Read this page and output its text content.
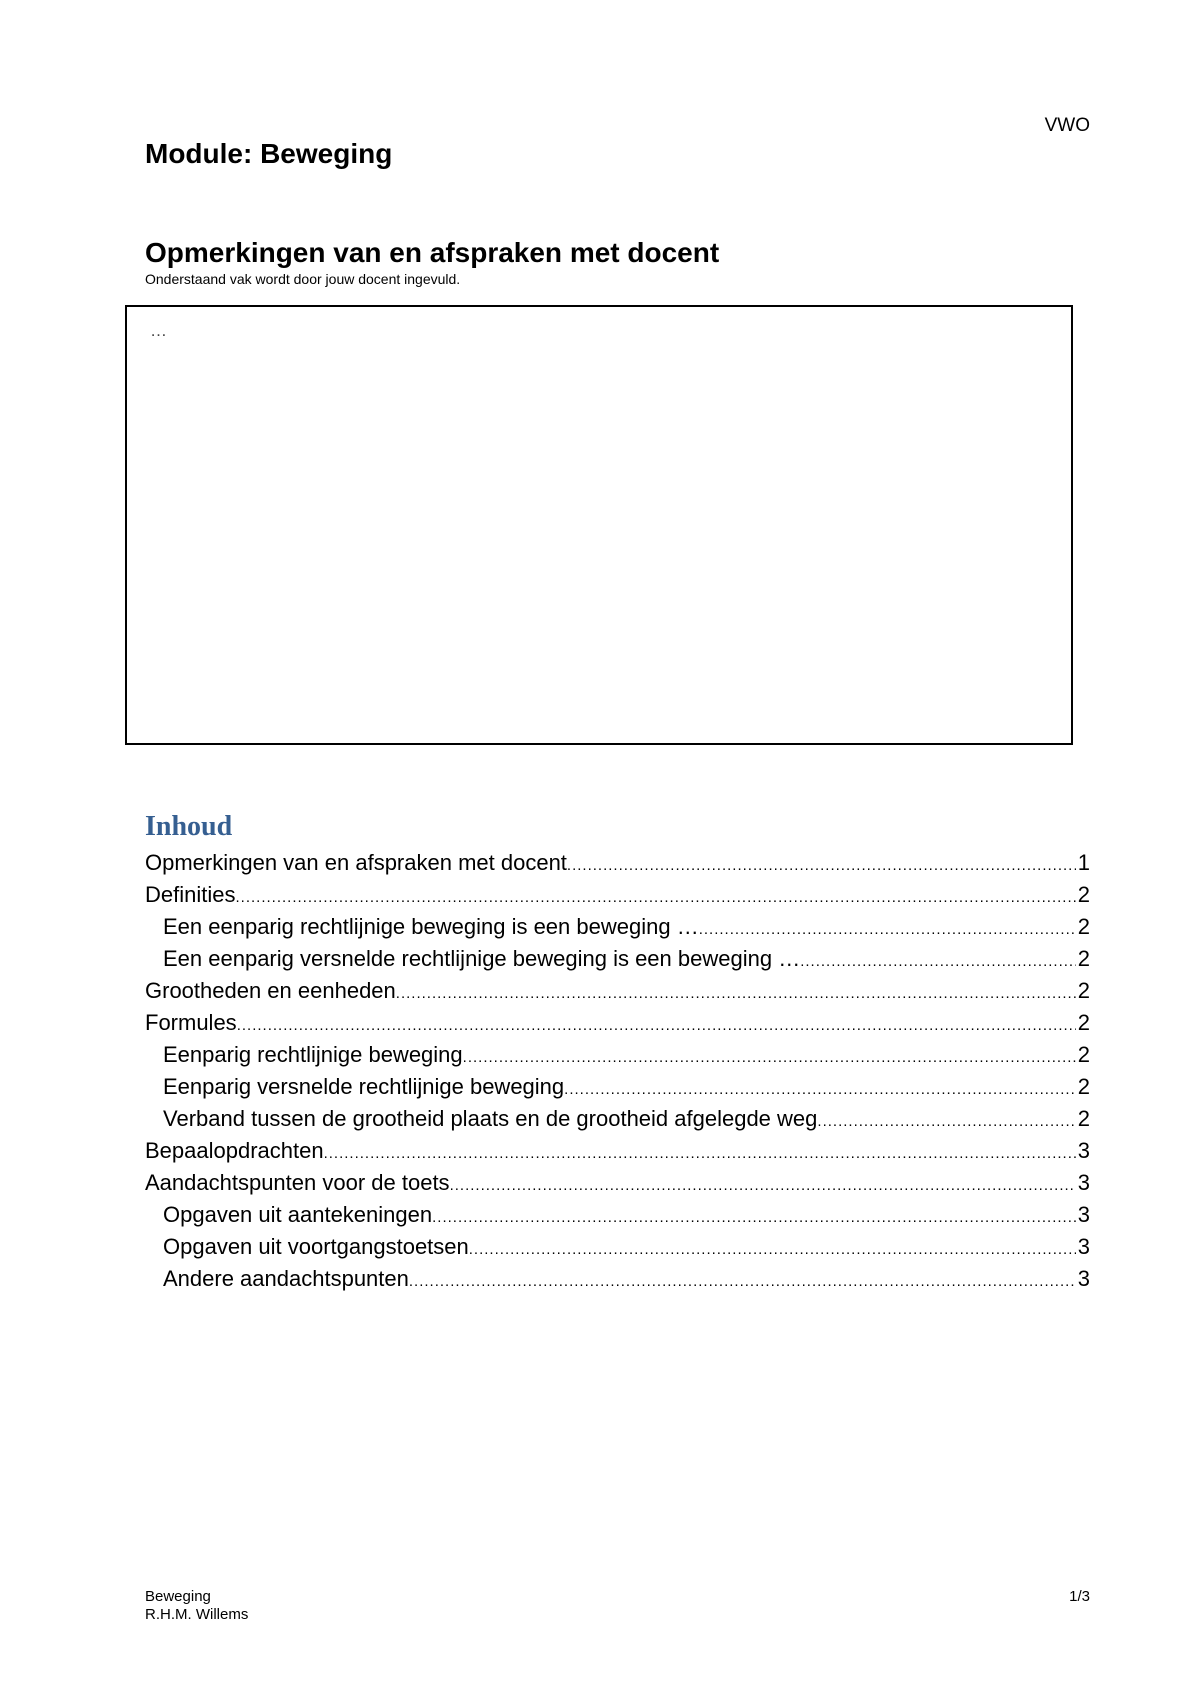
VWO
Module: Beweging
Opmerkingen van en afspraken met docent
Onderstaand vak wordt door jouw docent ingevuld.
…
Inhoud
Opmerkingen van en afspraken met docent .....	1
Definities .....	2
Een eenparig rechtlijnige beweging is een beweging … .....	2
Een eenparig versnelde rechtlijnige beweging is een beweging … .....	2
Grootheden en eenheden .....	2
Formules .....	2
Eenparig rechtlijnige beweging .....	2
Eenparig versnelde rechtlijnige beweging .....	2
Verband tussen de grootheid plaats en de grootheid afgelegde weg .....	2
Bepaalopdrachten .....	3
Aandachtspunten voor de toets .....	3
Opgaven uit aantekeningen .....	3
Opgaven uit voortgangstoetsen .....	3
Andere aandachtspunten .....	3
Beweging
R.H.M. Willems
1/3
